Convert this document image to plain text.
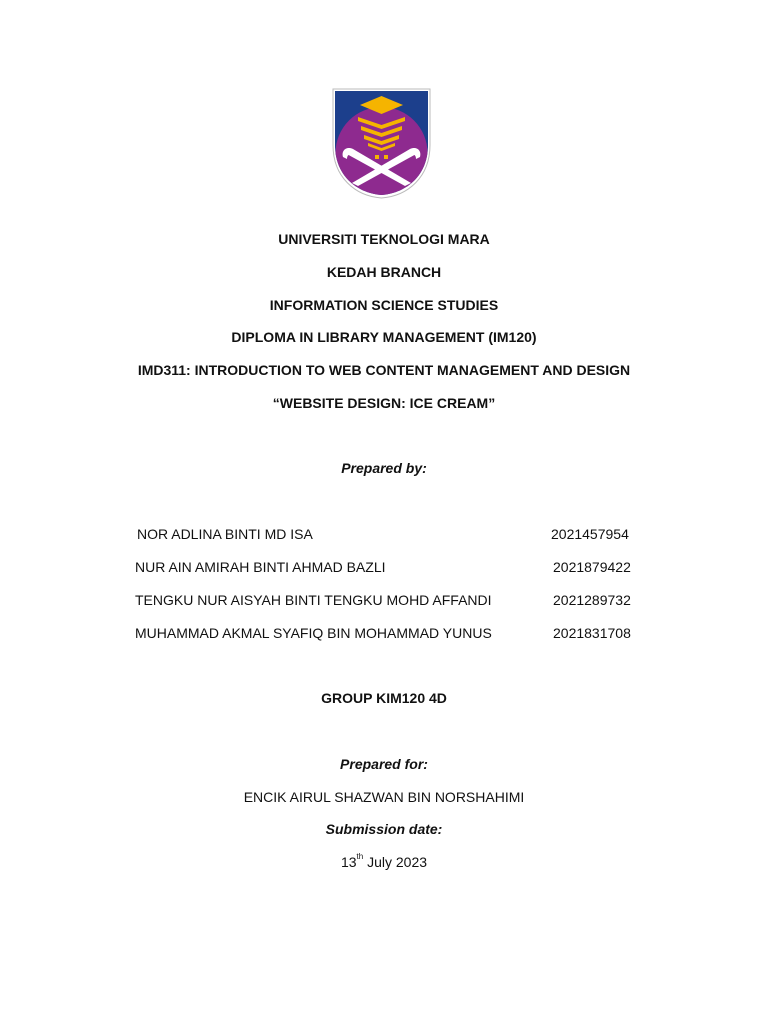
UNIVERSITI TEKNOLOGI MARA
KEDAH BRANCH
INFORMATION SCIENCE STUDIES
DIPLOMA IN LIBRARY MANAGEMENT (IM120)
IMD311: INTRODUCTION TO WEB CONTENT MANAGEMENT AND DESIGN
“WEBSITE DESIGN: ICE CREAM”
Prepared by:
NOR ADLINA BINTI MD ISA	2021457954
NUR AIN AMIRAH BINTI AHMAD BAZLI	2021879422
TENGKU NUR AISYAH BINTI TENGKU MOHD AFFANDI	2021289732
MUHAMMAD AKMAL SYAFIQ BIN MOHAMMAD YUNUS	2021831708
GROUP KIM120 4D
Prepared for:
ENCIK AIRUL SHAZWAN BIN NORSHAHIMI
Submission date:
13th July 2023
